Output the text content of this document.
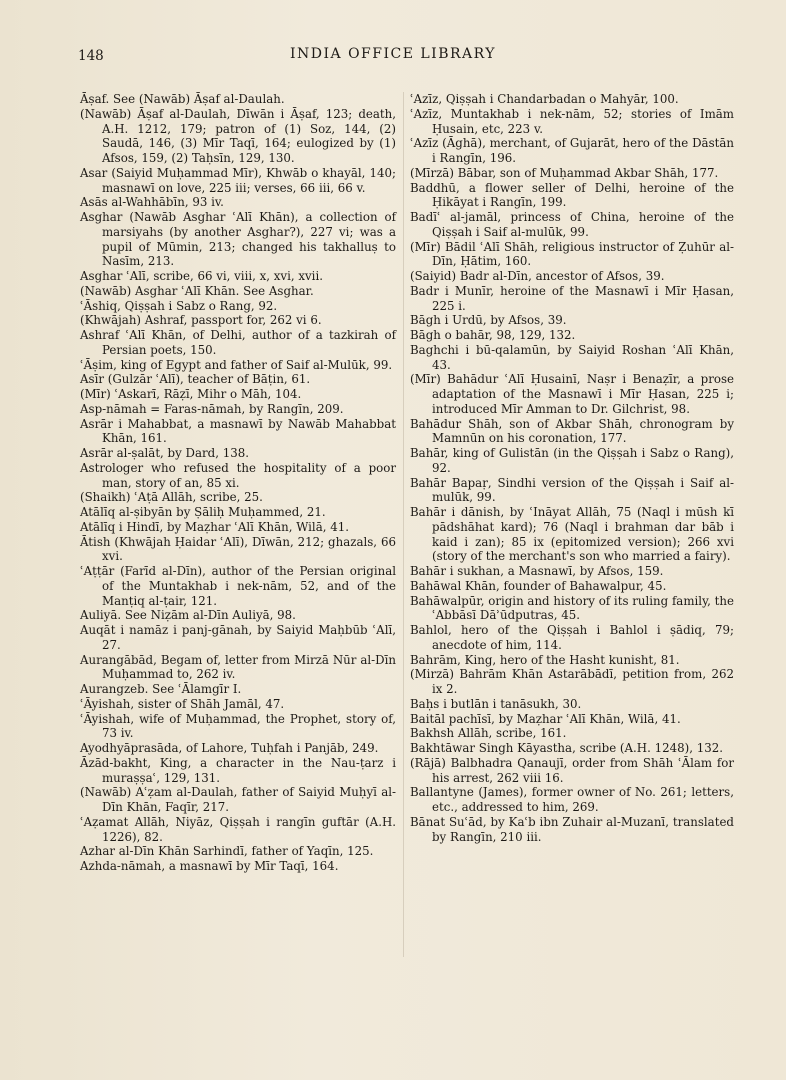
148	INDIA OFFICE LIBRARY

Āṣaf. See (Nawāb) Āṣaf al-Daulah.

(Nawāb) Āṣaf al-Daulah, Dīwān i Āṣaf, 123; death, A.H. 1212, 179; patron of (1) Soz, 144, (2) Saudā, 146, (3) Mīr Taqī, 164; eulogized by (1) Afsos, 159, (2) Taḥsīn, 129, 130.

Asar (Saiyid Muḥammad Mīr), Khwāb o khayāl, 140; masnawī on love, 225 iii; verses, 66 iii, 66 v.

Asās al-Wahhābīn, 93 iv.

Asghar (Nawāb Asghar ʿAlī Khān), a collection of marsiyahs (by another Asghar?), 227 vi; was a pupil of Mūmin, 213; changed his takhalluṣ to Nasīm, 213.

Asghar ʿAlī, scribe, 66 vi, viii, x, xvi, xvii.

(Nawāb) Asghar ʿAlī Khān. See Asghar.

ʿĀshiq, Qiṣṣah i Sabz o Rang, 92.

(Khwājah) Ashraf, passport for, 262 vi 6.

Ashraf ʿAlī Khān, of Delhi, author of a tazkirah of Persian poets, 150.

ʿĀṣim, king of Egypt and father of Saif al-Mulūk, 99.

Asīr (Gulzār ʿAlī), teacher of Bāṭin, 61.

(Mīr) ʿAskarī, Rāẓī, Mihr o Māh, 104.

Asp-nāmah = Faras-nāmah, by Rangīn, 209.

Asrār i Mahabbat, a masnawī by Nawāb Mahabbat Khān, 161.

Asrār al-ṣalāt, by Dard, 138.

Astrologer who refused the hospitality of a poor man, story of an, 85 xi.

(Shaikh) ʿAṭā Allāh, scribe, 25.

Atālīq al-ṣibyān by Ṣāliḥ Muḥammed, 21.

Atālīq i Hindī, by Maẓhar ʿAlī Khān, Wilā, 41.

Ātish (Khwājah Ḥaidar ʿAlī), Dīwān, 212; ghazals, 66 xvi.

ʿAṭṭār (Farīd al-Dīn), author of the Persian original of the Muntakhab i nek-nām, 52, and of the Manṭiq al-ṭair, 121.

Auliyā. See Niẓām al-Dīn Auliyā, 98.

Auqāt i namāz i panj-gānah, by Saiyid Maḥbūb ʿAlī, 27.

Aurangābād, Begam of, letter from Mirzā Nūr al-Dīn Muḥammad to, 262 iv.

Aurangzeb. See ʿĀlamgīr I.

ʿĀyishah, sister of Shāh Jamāl, 47.

ʿĀyishah, wife of Muḥammad, the Prophet, story of, 73 iv.

Ayodhyāprasāda, of Lahore, Tuḥfah i Panjāb, 249.

Āzād-bakht, King, a character in the Nau-ṭarz i muraṣṣaʿ, 129, 131.

(Nawāb) Aʿẓam al-Daulah, father of Saiyid Muḥyī al-Dīn Khān, Faqīr, 217.

ʿAẓamat Allāh, Niyāz, Qiṣṣah i rangīn guftār (A.H. 1226), 82.

Azhar al-Dīn Khān Sarhindī, father of Yaqīn, 125.

Azhda-nāmah, a masnawī by Mīr Taqī, 164.

ʿAzīz, Qiṣṣah i Chandarbadan o Mahyār, 100.

ʿAzīz, Muntakhab i nek-nām, 52; stories of Imām Ḥusain, etc, 223 v.

ʿAzīz (Āghā), merchant, of Gujarāt, hero of the Dāstān i Rangīn, 196.

(Mīrzā) Bābar, son of Muḥammad Akbar Shāh, 177.

Baddhū, a flower seller of Delhi, heroine of the Ḥikāyat i Rangīn, 199.

Badīʿ al-jamāl, princess of China, heroine of the Qiṣṣah i Saif al-mulūk, 99.

(Mīr) Bādil ʿAlī Shāh, religious instructor of Ẓuhūr al-Dīn, Ḥātim, 160.

(Saiyid) Badr al-Dīn, ancestor of Afsos, 39.

Badr i Munīr, heroine of the Masnawī i Mīr Ḥasan, 225 i.

Bāgh i Urdū, by Afsos, 39.

Bāgh o bahār, 98, 129, 132.

Baghchi i bū-qalamūn, by Saiyid Roshan ʿAlī Khān, 43.

(Mīr) Bahādur ʿAlī Ḥusainī, Naṣr i Benaẓīr, a prose adaptation of the Masnawī i Mīr Ḥasan, 225 i; introduced Mīr Amman to Dr. Gilchrist, 98.

Bahādur Shāh, son of Akbar Shāh, chronogram by Mamnūn on his coronation, 177.

Bahār, king of Gulistān (in the Qiṣṣah i Sabz o Rang), 92.

Bahār Bapaṛ, Sindhi version of the Qiṣṣah i Saif al-mulūk, 99.

Bahār i dānish, by ʿInāyat Allāh, 75 (Naql i mūsh kī pādshāhat kard); 76 (Naql i brahman dar bāb i kaid i zan); 85 ix (epitomized version); 266 xvi (story of the merchant's son who married a fairy).

Bahār i sukhan, a Masnawī, by Afsos, 159.

Bahāwal Khān, founder of Bahawalpur, 45.

Bahāwalpūr, origin and history of its ruling family, the ʿAbbāsī Dāʾūdputras, 45.

Bahlol, hero of the Qiṣṣah i Bahlol i ṣādiq, 79; anecdote of him, 114.

Bahrām, King, hero of the Hasht kunisht, 81.

(Mirzā) Bahrām Khān Astarābādī, petition from, 262 ix 2.

Baḥs i butlān i tanāsukh, 30.

Baitāl pachīsī, by Maẓhar ʿAlī Khān, Wilā, 41.

Bakhsh Allāh, scribe, 161.

Bakhtāwar Singh Kāyastha, scribe (A.H. 1248), 132.

(Rājā) Balbhadra Qanaujī, order from Shāh ʿĀlam for his arrest, 262 viii 16.

Ballantyne (James), former owner of No. 261; letters, etc., addressed to him, 269.

Bānat Suʿād, by Kaʿb ibn Zuhair al-Muzanī, translated by Rangīn, 210 iii.
